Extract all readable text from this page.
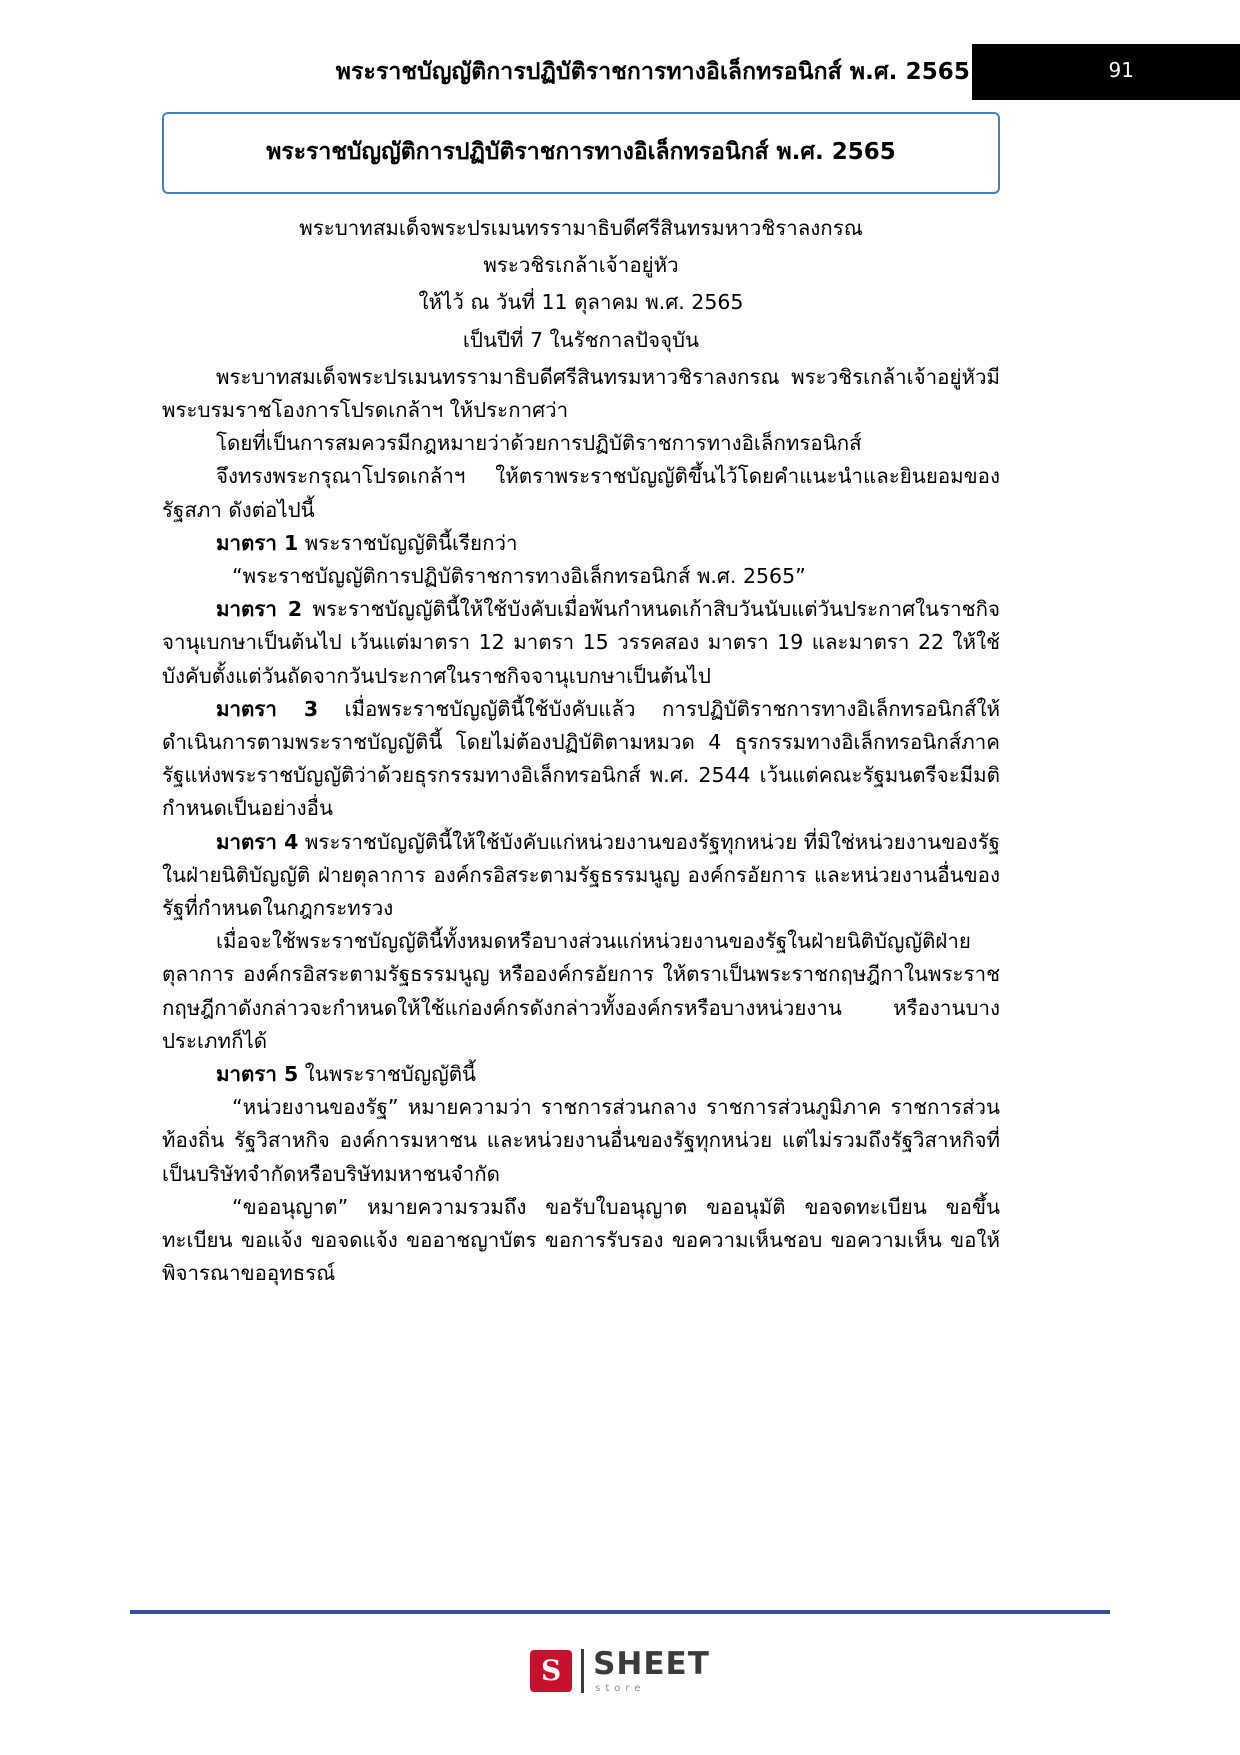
พระราชบัญญัติการปฏิบัติราชการทางอิเล็กทรอนิกส์ พ.ศ. 2565	91
พระราชบัญญัติการปฏิบัติราชการทางอิเล็กทรอนิกส์ พ.ศ. 2565

พระบาทสมเด็จพระปรเมนทรรามาธิบดีศรีสินทรมหาวชิราลงกรณ

พระวชิรเกล้าเจ้าอยู่หัว

ให้ไว้ ณ วันที่ 11 ตุลาคม พ.ศ. 2565

เป็นปีที่ 7 ในรัชกาลปัจจุบัน

พระบาทสมเด็จพระปรเมนทรรามาธิบดีศรีสินทรมหาวชิราลงกรณ พระวชิรเกล้าเจ้าอยู่หัวมีพระบรมราชโองการโปรดเกล้าฯ ให้ประกาศว่า

โดยที่เป็นการสมควรมีกฎหมายว่าด้วยการปฏิบัติราชการทางอิเล็กทรอนิกส์

จึงทรงพระกรุณาโปรดเกล้าฯ ให้ตราพระราชบัญญัติขึ้นไว้โดยคำแนะนำและยินยอมของรัฐสภา ดังต่อไปนี้

มาตรา 1 พระราชบัญญัตินี้เรียกว่า

“พระราชบัญญัติการปฏิบัติราชการทางอิเล็กทรอนิกส์ พ.ศ. 2565”

มาตรา 2 พระราชบัญญัตินี้ให้ใช้บังคับเมื่อพ้นกำหนดเก้าสิบวันนับแต่วันประกาศในราชกิจจานุเบกษาเป็นต้นไป เว้นแต่มาตรา 12 มาตรา 15 วรรคสอง มาตรา 19 และมาตรา 22 ให้ใช้บังคับตั้งแต่วันถัดจากวันประกาศในราชกิจจานุเบกษาเป็นต้นไป

มาตรา 3 เมื่อพระราชบัญญัตินี้ใช้บังคับแล้ว การปฏิบัติราชการทางอิเล็กทรอนิกส์ให้ดำเนินการตามพระราชบัญญัตินี้ โดยไม่ต้องปฏิบัติตามหมวด 4 ธุรกรรมทางอิเล็กทรอนิกส์ภาครัฐแห่งพระราชบัญญัติว่าด้วยธุรกรรมทางอิเล็กทรอนิกส์ พ.ศ. 2544 เว้นแต่คณะรัฐมนตรีจะมีมติกำหนดเป็นอย่างอื่น

มาตรา 4 พระราชบัญญัตินี้ให้ใช้บังคับแก่หน่วยงานของรัฐทุกหน่วย ที่มิใช่หน่วยงานของรัฐในฝ่ายนิติบัญญัติ ฝ่ายตุลาการ องค์กรอิสระตามรัฐธรรมนูญ องค์กรอัยการ และหน่วยงานอื่นของรัฐที่กำหนดในกฎกระทรวง

เมื่อจะใช้พระราชบัญญัตินี้ทั้งหมดหรือบางส่วนแก่หน่วยงานของรัฐในฝ่ายนิติบัญญัติฝ่ายตุลาการ องค์กรอิสระตามรัฐธรรมนูญ หรือองค์กรอัยการ ให้ตราเป็นพระราชกฤษฎีกาในพระราชกฤษฎีกาดังกล่าวจะกำหนดให้ใช้แก่องค์กรดังกล่าวทั้งองค์กรหรือบางหน่วยงาน หรืองานบางประเภทก็ได้

มาตรา 5 ในพระราชบัญญัตินี้

“หน่วยงานของรัฐ” หมายความว่า ราชการส่วนกลาง ราชการส่วนภูมิภาค ราชการส่วนท้องถิ่น รัฐวิสาหกิจ องค์การมหาชน และหน่วยงานอื่นของรัฐทุกหน่วย แต่ไม่รวมถึงรัฐวิสาหกิจที่เป็นบริษัทจำกัดหรือบริษัทมหาชนจำกัด

“ขออนุญาต” หมายความรวมถึง ขอรับใบอนุญาต ขออนุมัติ ขอจดทะเบียน ขอขึ้นทะเบียน ขอแจ้ง ขอจดแจ้ง ขออาชญาบัตร ขอการรับรอง ขอความเห็นชอบ ขอความเห็น ขอให้พิจารณาขออุทธรณ์

S	SHEET
store
